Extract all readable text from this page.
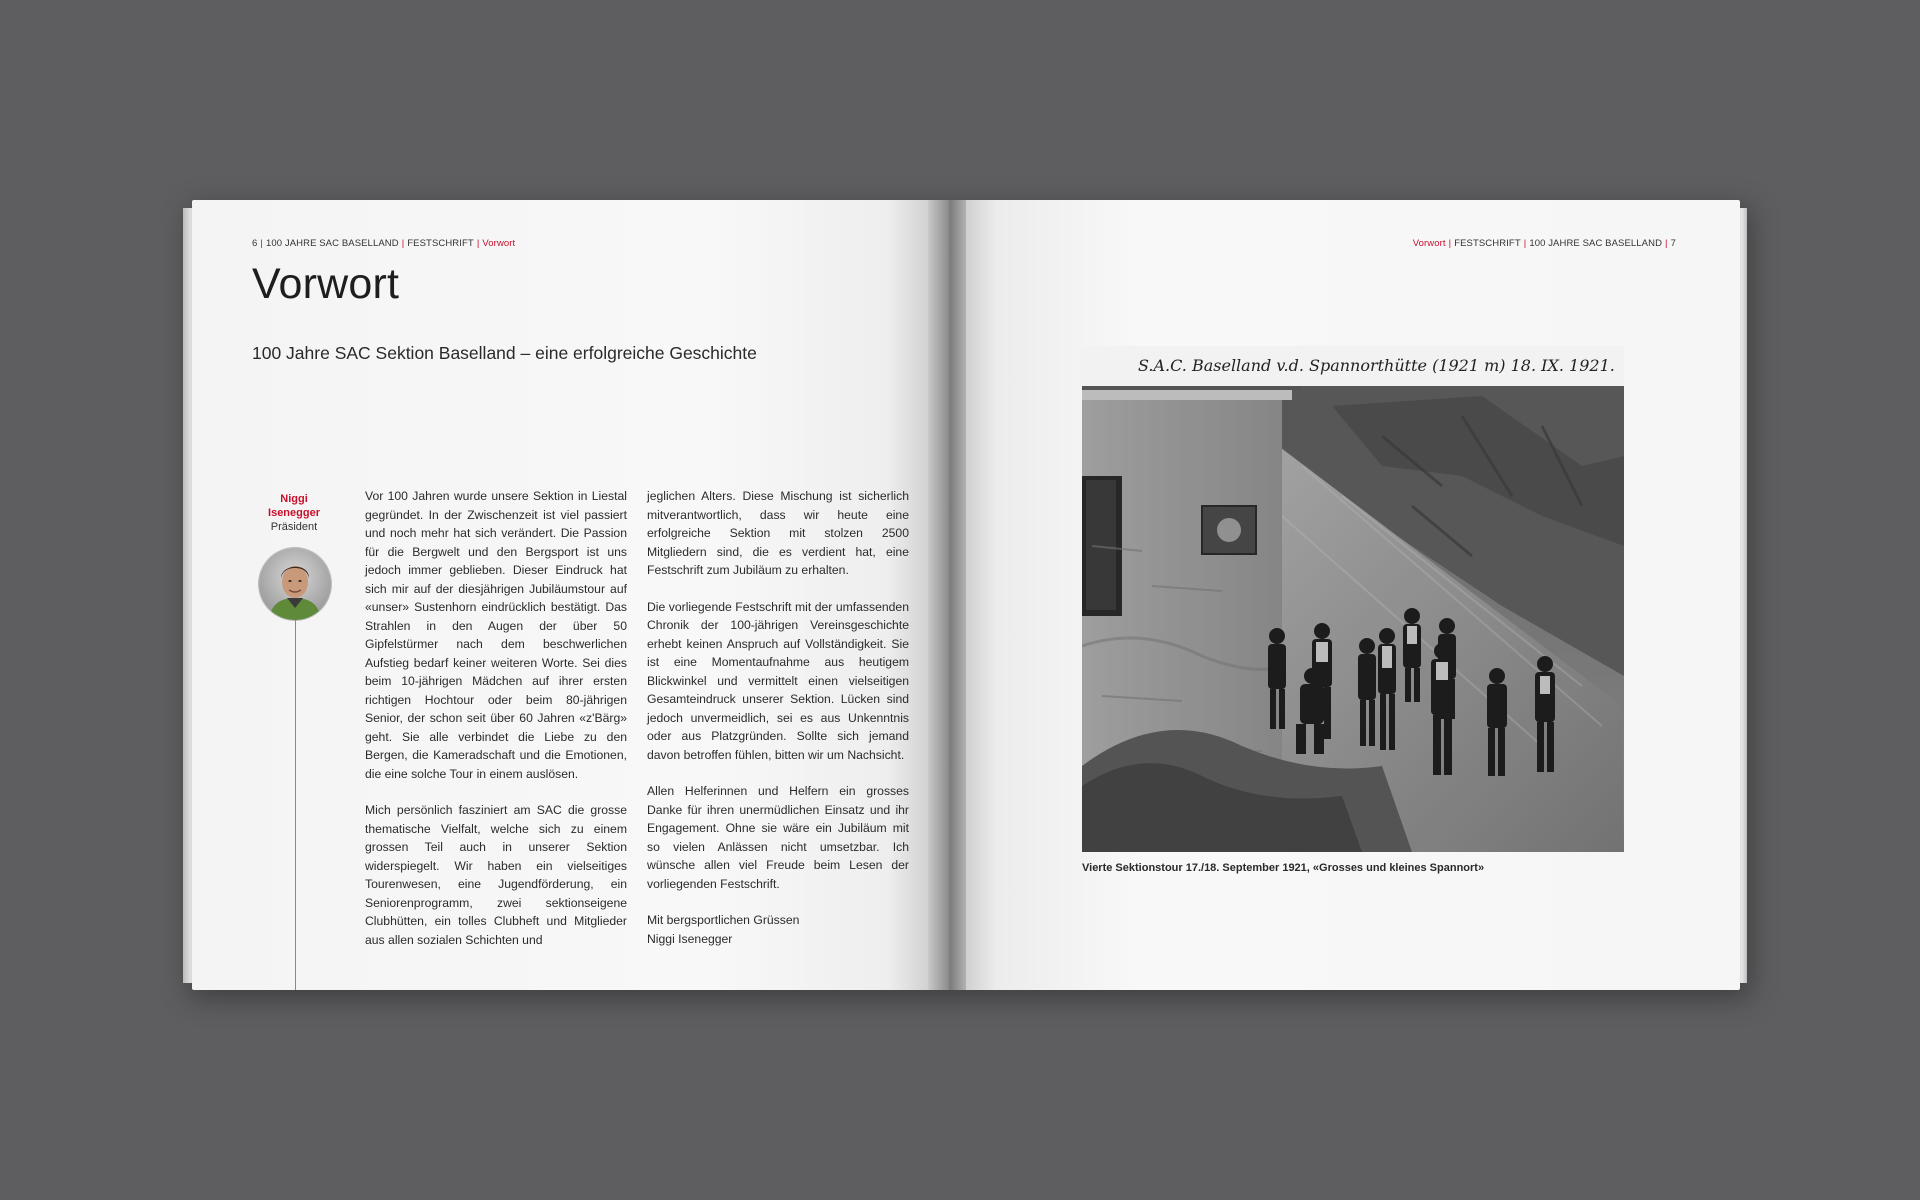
6 | 100 JAHRE SAC BASELLAND | FESTSCHRIFT | Vorwort
Vorwort
100 Jahre SAC Sektion Baselland – eine erfolgreiche Geschichte
Niggi
Isenegger
Präsident

Vor 100 Jahren wurde unsere Sektion in Liestal gegründet. In der Zwischenzeit ist viel passiert und noch mehr hat sich verändert. Die Passion für die Bergwelt und den Bergsport ist uns jedoch immer geblieben. Dieser Eindruck hat sich mir auf der diesjährigen Jubiläumstour auf «unser» Sustenhorn eindrücklich bestätigt. Das Strahlen in den Augen der über 50 Gipfelstürmer nach dem beschwerlichen Aufstieg bedarf keiner weiteren Worte. Sei dies beim 10-jährigen Mädchen auf ihrer ersten richtigen Hochtour oder beim 80-jährigen Senior, der schon seit über 60 Jahren «z'Bärg» geht. Sie alle verbindet die Liebe zu den Bergen, die Kameradschaft und die Emotionen, die eine solche Tour in einem auslösen.

Mich persönlich fasziniert am SAC die grosse thematische Vielfalt, welche sich zu einem grossen Teil auch in unserer Sektion widerspiegelt. Wir haben ein vielseitiges Tourenwesen, eine Jugendförderung, ein Seniorenprogramm, zwei sektionseigene Clubhütten, ein tolles Clubheft und Mitglieder aus allen sozialen Schichten und

jeglichen Alters. Diese Mischung ist sicherlich mitverantwortlich, dass wir heute eine erfolgreiche Sektion mit stolzen 2500 Mitgliedern sind, die es verdient hat, eine Festschrift zum Jubiläum zu erhalten.

Die vorliegende Festschrift mit der umfassenden Chronik der 100-jährigen Vereinsgeschichte erhebt keinen Anspruch auf Vollständigkeit. Sie ist eine Momentaufnahme aus heutigem Blickwinkel und vermittelt einen vielseitigen Gesamteindruck unserer Sektion. Lücken sind jedoch unvermeidlich, sei es aus Unkenntnis oder aus Platzgründen. Sollte sich jemand davon betroffen fühlen, bitten wir um Nachsicht.

Allen Helferinnen und Helfern ein grosses Danke für ihren unermüdlichen Einsatz und ihr Engagement. Ohne sie wäre ein Jubiläum mit so vielen Anlässen nicht umsetzbar. Ich wünsche allen viel Freude beim Lesen der vorliegenden Festschrift.

Mit bergsportlichen Grüssen

Niggi Isenegger

Vorwort | FESTSCHRIFT | 100 JAHRE SAC BASELLAND | 7
S.A.C. Baselland v.d. Spannorthütte (1921 m) 18. IX. 1921.
Vierte Sektionstour 17./18. September 1921, «Grosses und kleines Spannort»
